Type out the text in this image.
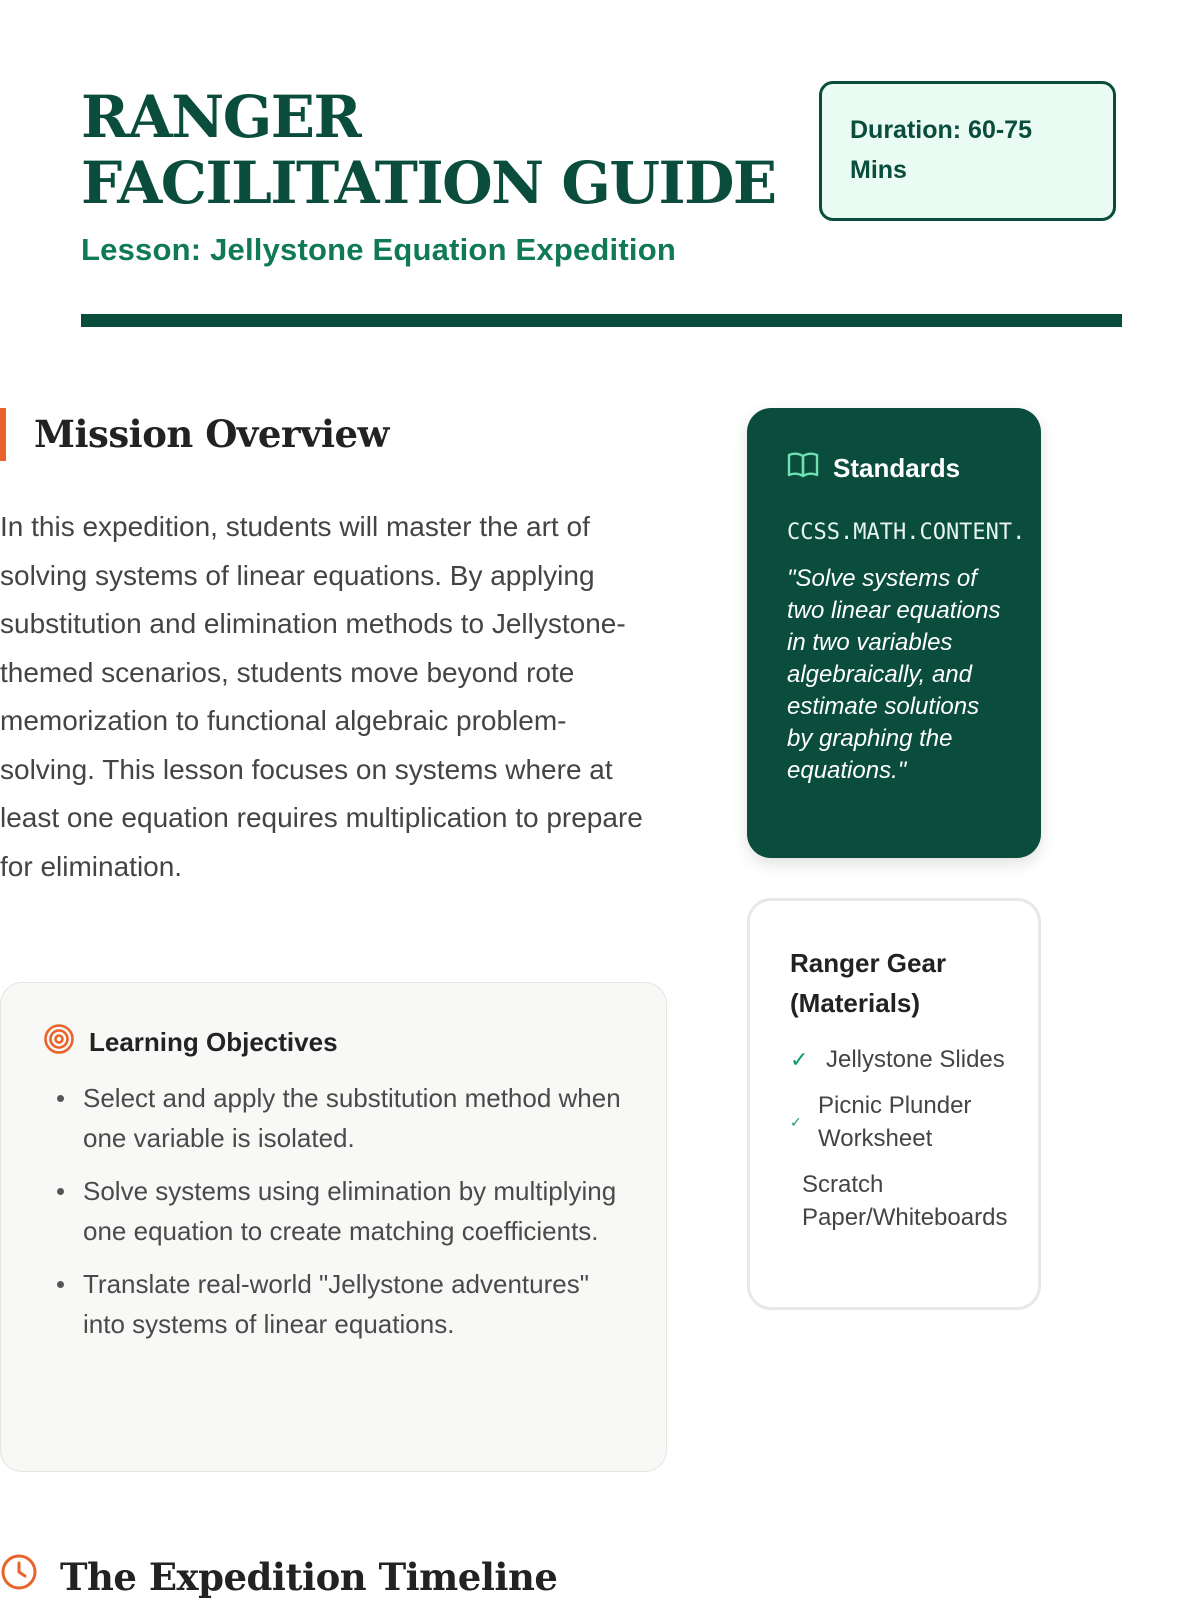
RANGER FACILITATION GUIDE
Lesson: Jellystone Equation Expedition
Duration: 60-75 Mins
Mission Overview

In this expedition, students will master the art of solving systems of linear equations. By applying substitution and elimination methods to Jellystone-themed scenarios, students move beyond rote memorization to functional algebraic problem-solving. This lesson focuses on systems where at least one equation requires multiplication to prepare for elimination.

Learning Objectives
Select and apply the substitution method when one variable is isolated.
Solve systems using elimination by multiplying one equation to create matching coefficients.
Translate real-world "Jellystone adventures" into systems of linear equations.
The Expedition Timeline
Standards
CCSS.MATH.CONTENT.
"Solve systems of two linear equations in two variables algebraically, and estimate solutions by graphing the equations."
Ranger Gear (Materials)
✓ Jellystone Slides
✓
Picnic Plunder Worksheet
Scratch Paper/Whiteboards
